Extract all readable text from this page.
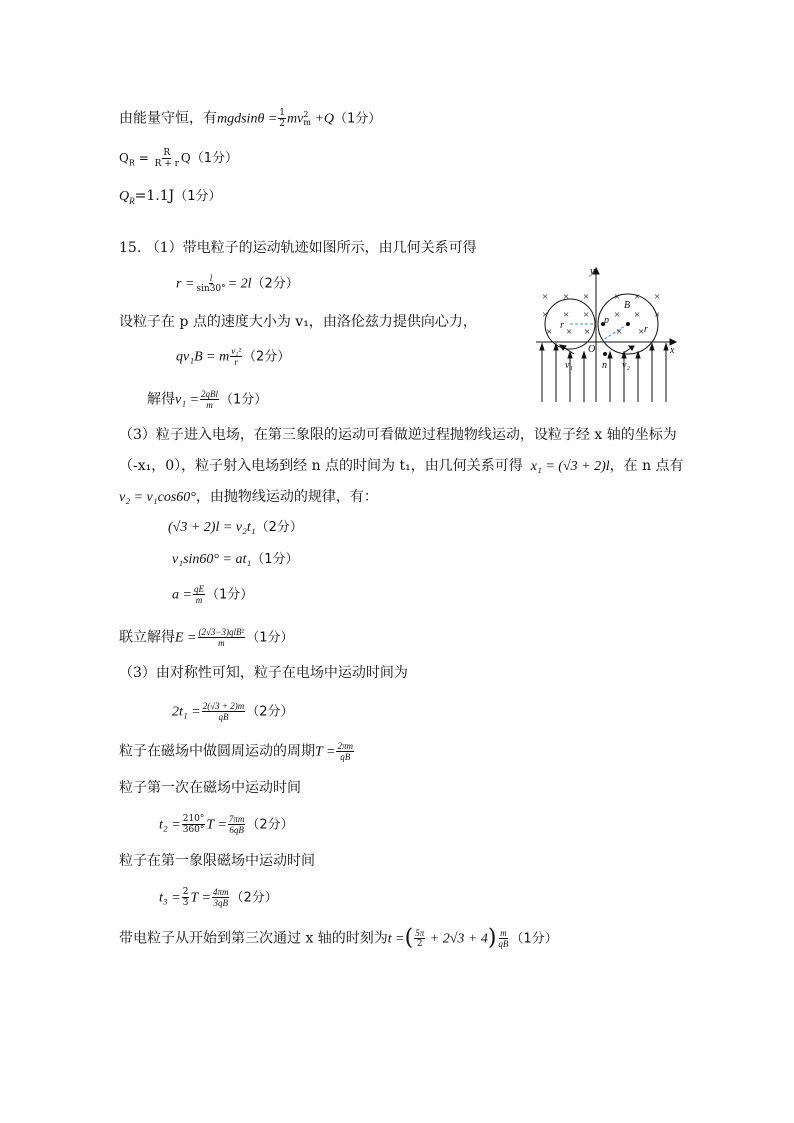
由能量守恒，有$mgdsin\theta = \frac{1}{2}$ mv 2
m +Q（1分）
$Q_R = \frac{R}{R + r} Q(1$分）
$Q_R=1.1J(1$分）
15. （1）带电粒子的运动轨迹如图所示，由几何关系可得
$r = \frac{l}{\sin 30^\circ} = 2l(2$分）
设粒子在 p 点的速度大小为 v₁，由洛伦兹力提供向心力，
qv₁B = m $\frac{\text{v₁²}}{r} (2$分）
解得$v_1 = \frac{\text{2qBl}}{m} (1$分）
（3）粒子进入电场，在第三象限的运动可看做逆过程抛物线运动，设粒子经 x 轴的坐标为
（-x₁，0），粒子射入电场到经 n 点的时间为 t₁，由几何关系可得 x₁ = (√3 + 2)l，在 n 点有
v₂ = v₁cos60°，由抛物线运动的规律，有：
(√3 + 2)l = v₂t₁（2分）
v₁sin60° = at₁（1分）
$a = \frac{qE}{m} (1$分）
联立解得$E = \frac{\text{(2√3−3)qlB²}}{m} (1$分）
（3）由对称性可知，粒子在电场中运动时间为
$2t_1 = \frac{2(√3 + 2)m}{qB} (2$分）
粒子在磁场中做圆周运动的周期$T = \frac{2\pi m}{qB}$
粒子第一次在磁场中运动时间
$t_2 = \frac{210^\circ}{360^\circ}$ $T = \frac{7\pi m}{6qB} (2$分）
粒子在第一象限磁场中运动时间
$t_3 = \frac{2}{3}$ $T = \frac{4\pi m}{3qB} (2$分）
带电粒子从开始到第三次通过 x 轴的时刻为t =( $\frac{5\pi}{2} + 2√3 + 4) \frac{m}{qB} (1$分）
× × × × × ×
× × × × × ×
× × × × ×
y
x
O
B
p
n
r	r
v₁	v₂
